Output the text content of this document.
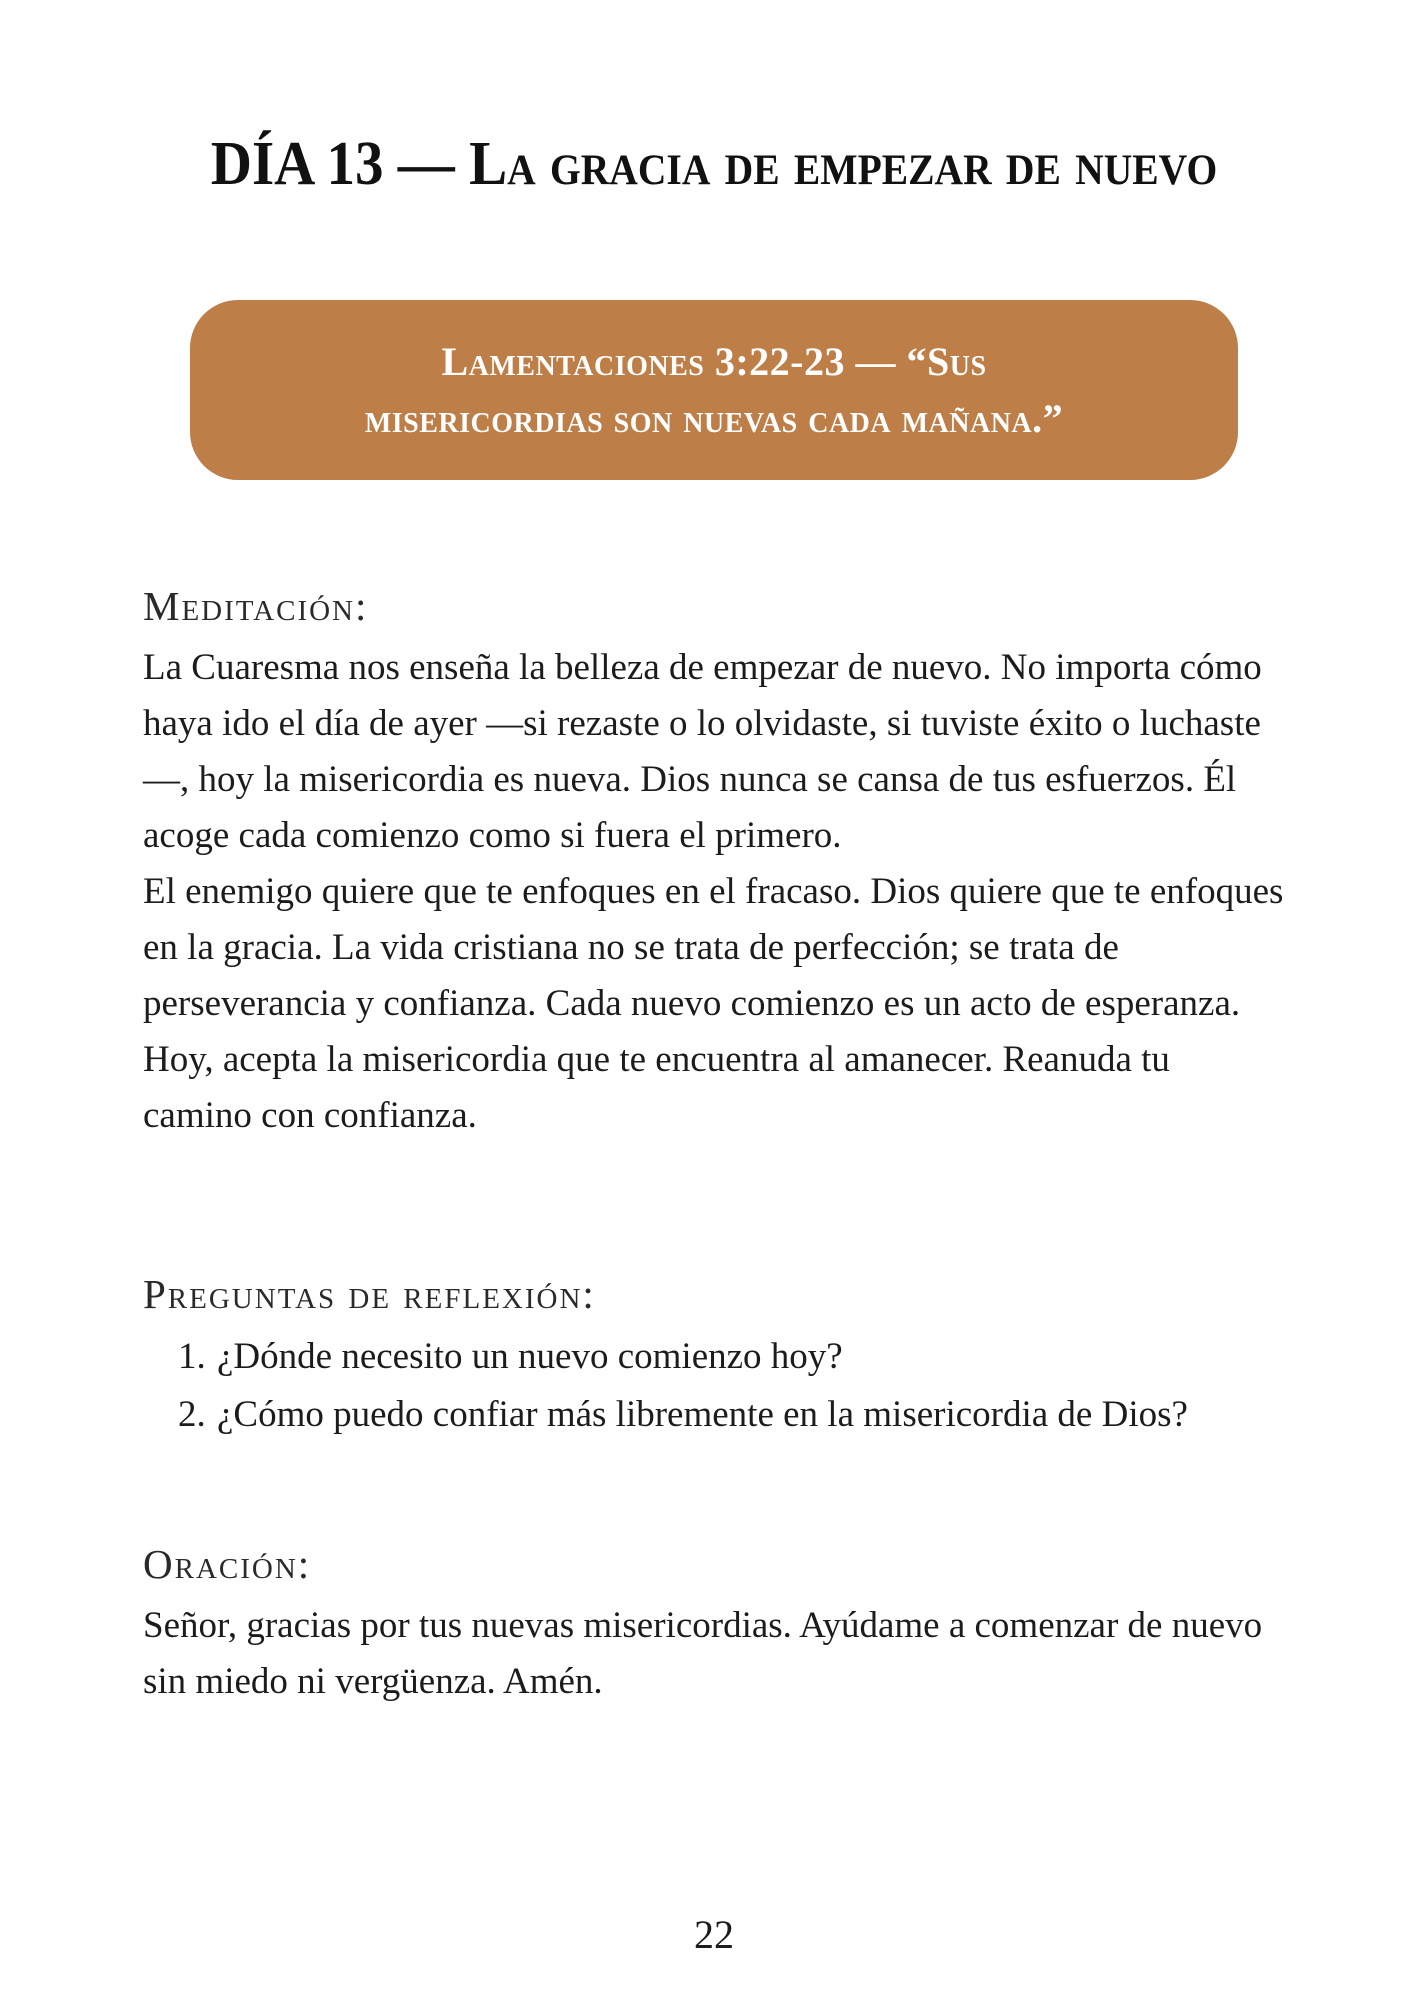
DÍA 13 — La gracia de empezar de nuevo
Lamentaciones 3:22-23 — “Sus misericordias son nuevas cada mañana.”
Meditación:

La Cuaresma nos enseña la belleza de empezar de nuevo. No importa cómo haya ido el día de ayer —si rezaste o lo olvidaste, si tuviste éxito o luchaste—, hoy la misericordia es nueva. Dios nunca se cansa de tus esfuerzos. Él acoge cada comienzo como si fuera el primero.

El enemigo quiere que te enfoques en el fracaso. Dios quiere que te enfoques en la gracia. La vida cristiana no se trata de perfección; se trata de perseverancia y confianza. Cada nuevo comienzo es un acto de esperanza. Hoy, acepta la misericordia que te encuentra al amanecer. Reanuda tu camino con confianza.

Preguntas de reflexión:
1. ¿Dónde necesito un nuevo comienzo hoy?
2. ¿Cómo puedo confiar más libremente en la misericordia de Dios?
Oración:

Señor, gracias por tus nuevas misericordias. Ayúdame a comenzar de nuevo sin miedo ni vergüenza. Amén.

22
